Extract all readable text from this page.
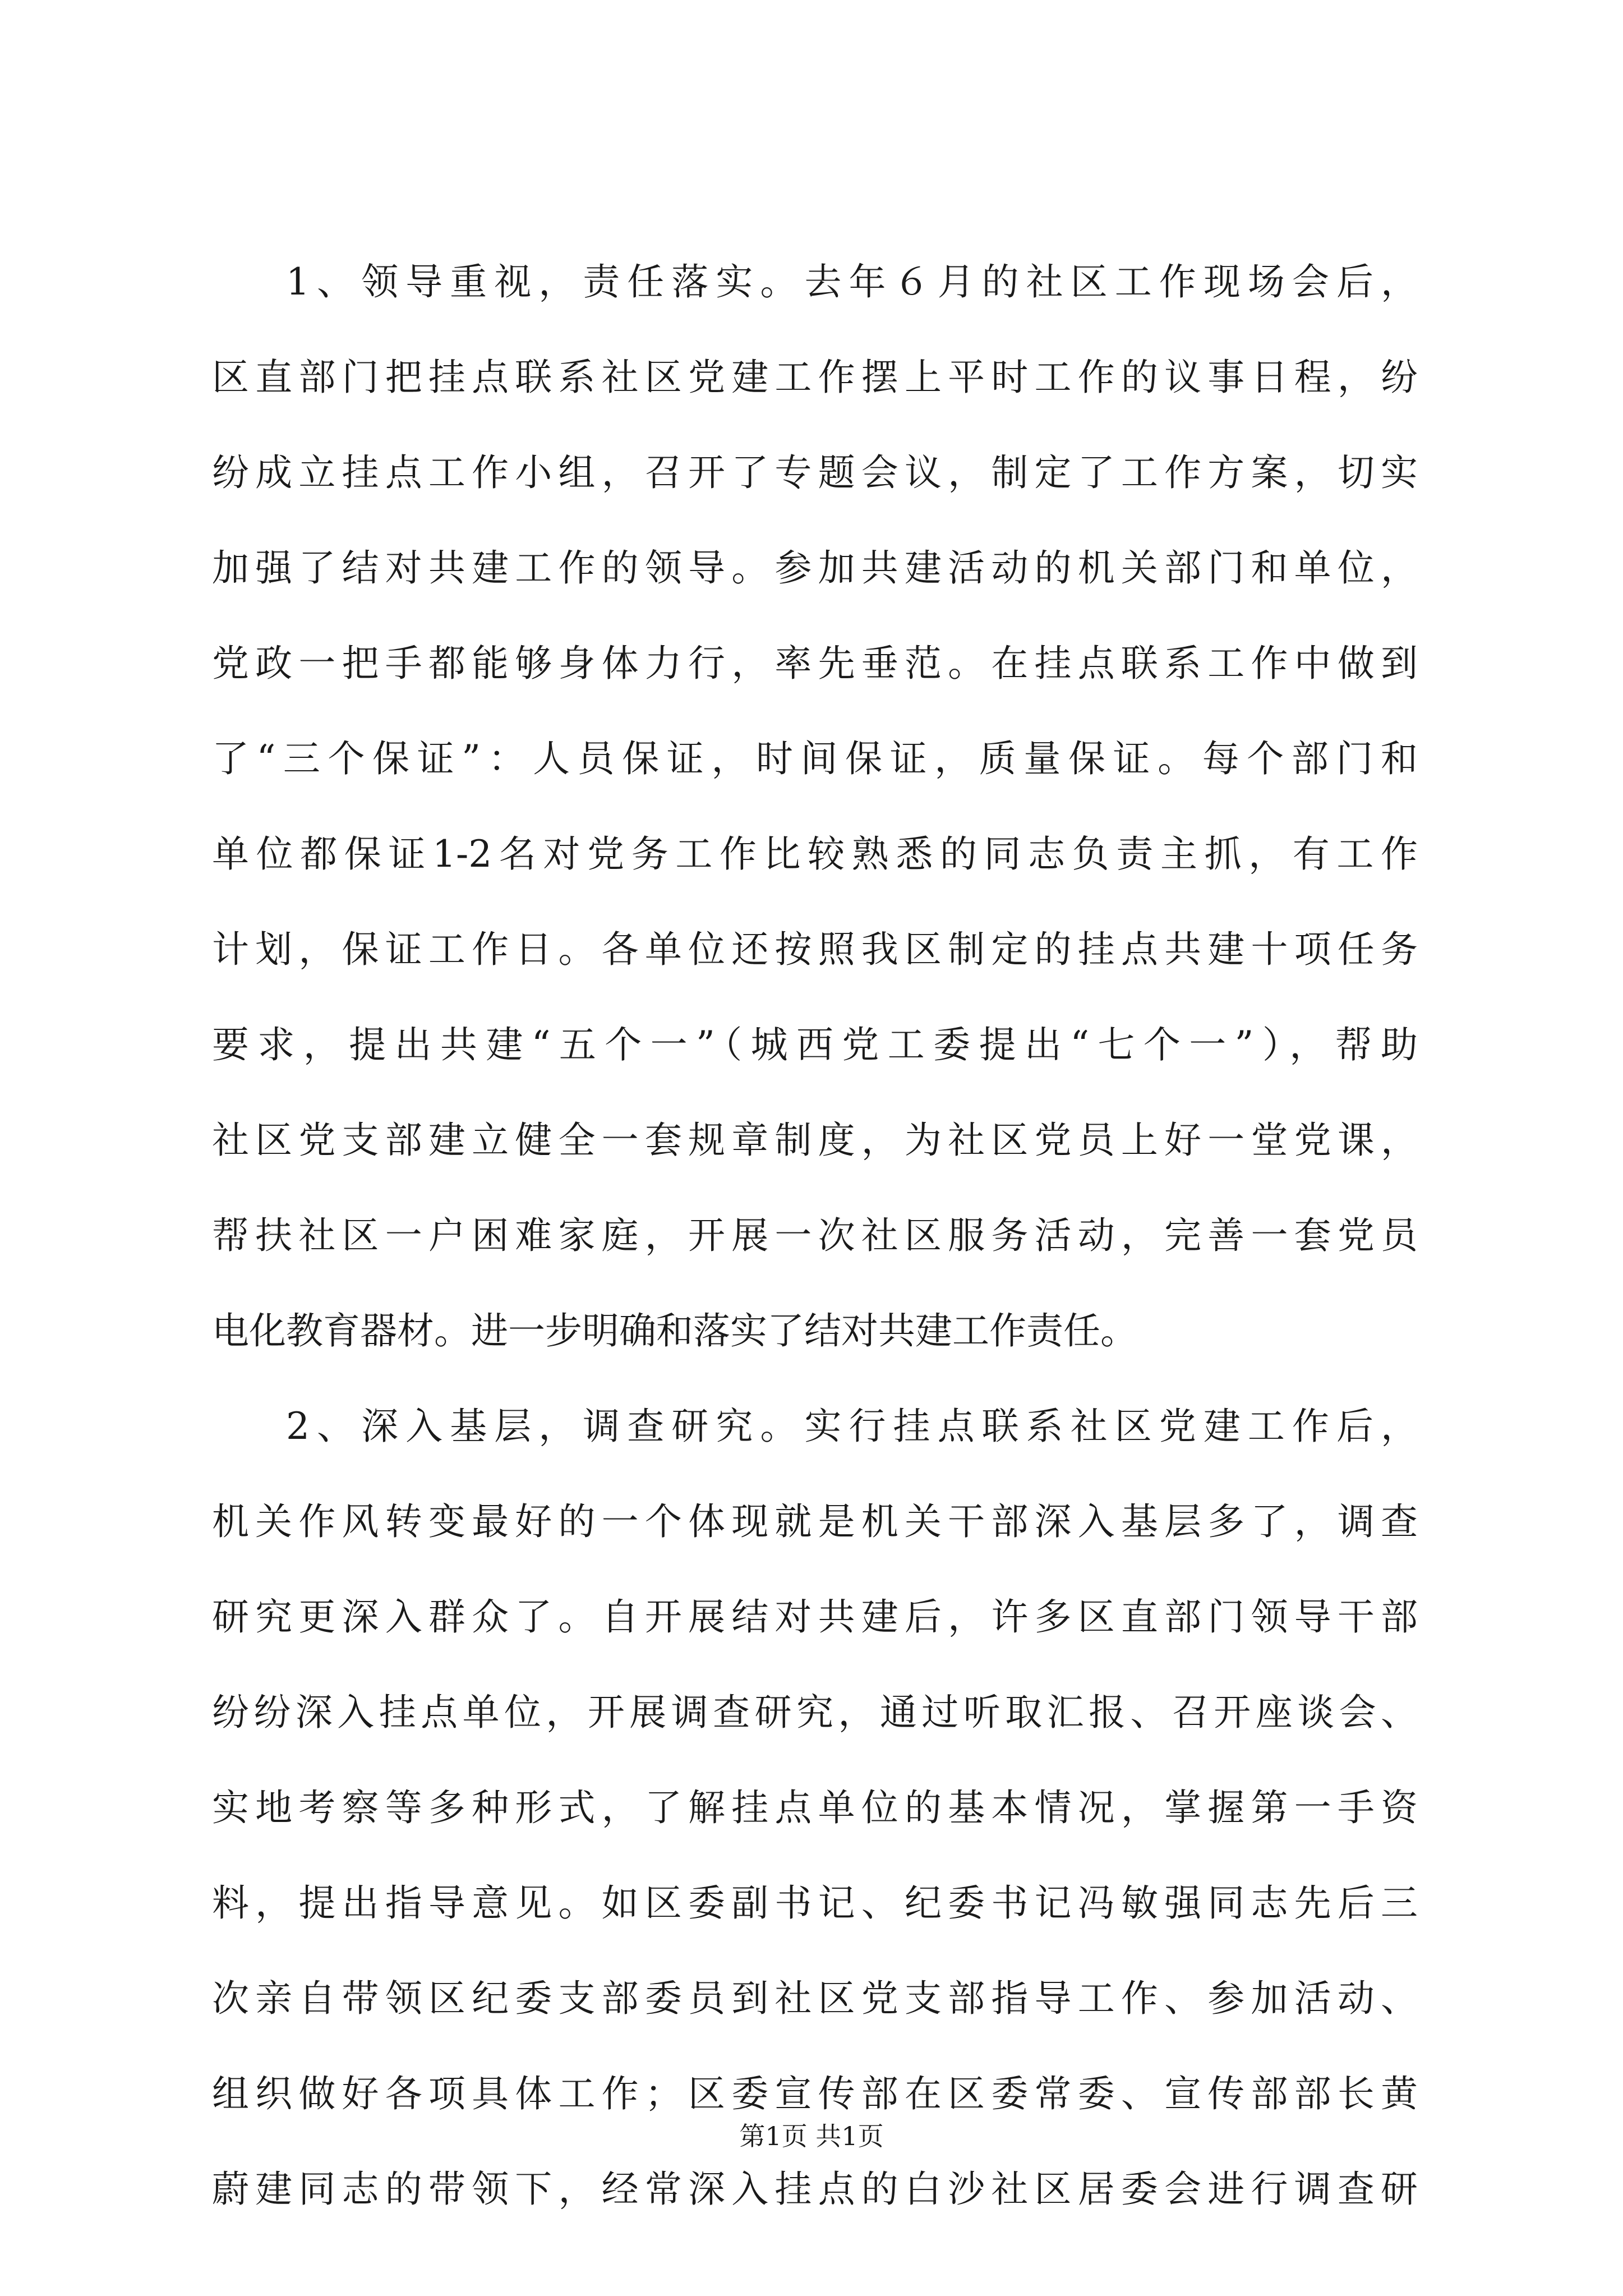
1、领导重视，责任落实。去年６月的社区工作现场会后，
区直部门把挂点联系社区党建工作摆上平时工作的议事日程，纷
纷成立挂点工作小组，召开了专题会议，制定了工作方案，切实
加强了结对共建工作的领导。参加共建活动的机关部门和单位，
党政一把手都能够身体力行，率先垂范。在挂点联系工作中做到
了“三个保证”：人员保证，时间保证，质量保证。每个部门和
单位都保证1-2名对党务工作比较熟悉的同志负责主抓，有工作
计划，保证工作日。各单位还按照我区制定的挂点共建十项任务
要求，提出共建“五个一”（城西党工委提出“七个一”），帮助
社区党支部建立健全一套规章制度，为社区党员上好一堂党课，
帮扶社区一户困难家庭，开展一次社区服务活动，完善一套党员
电化教育器材。进一步明确和落实了结对共建工作责任。
2、深入基层，调查研究。实行挂点联系社区党建工作后，
机关作风转变最好的一个体现就是机关干部深入基层多了，调查
研究更深入群众了。自开展结对共建后，许多区直部门领导干部
纷纷深入挂点单位，开展调查研究，通过听取汇报、召开座谈会、
实地考察等多种形式，了解挂点单位的基本情况，掌握第一手资
料，提出指导意见。如区委副书记、纪委书记冯敏强同志先后三
次亲自带领区纪委支部委员到社区党支部指导工作、参加活动、
组织做好各项具体工作；区委宣传部在区委常委、宣传部部长黄
蔚建同志的带领下，经常深入挂点的白沙社区居委会进行调查研
第1页 共1页
